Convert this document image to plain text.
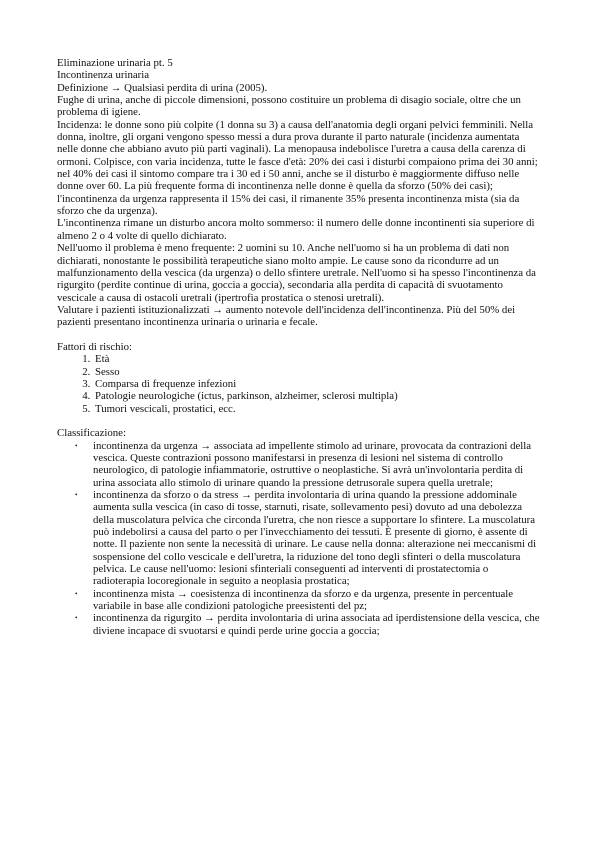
Eliminazione urinaria pt. 5

Incontinenza urinaria

Definizione → Qualsiasi perdita di urina (2005).

Fughe di urina, anche di piccole dimensioni, possono costituire un problema di disagio sociale, oltre che un problema di igiene.

Incidenza: le donne sono più colpite (1 donna su 3) a causa dell'anatomia degli organi pelvici femminili. Nella donna, inoltre, gli organi vengono spesso messi a dura prova durante il parto naturale (incidenza aumentata nelle donne che abbiano avuto più parti vaginali). La menopausa indebolisce l'uretra a causa della carenza di ormoni. Colpisce, con varia incidenza, tutte le fasce d'età: 20% dei casi i disturbi compaiono prima dei 30 anni; nel 40% dei casi il sintomo compare tra i 30 ed i 50 anni, anche se il disturbo è maggiormente diffuso nelle donne over 60. La più frequente forma di incontinenza nelle donne è quella da sforzo (50% dei casi); l'incontinenza da urgenza rappresenta il 15% dei casi, il rimanente 35% presenta incontinenza mista (sia da sforzo che da urgenza).

L'incontinenza rimane un disturbo ancora molto sommerso: il numero delle donne incontinenti sia superiore di almeno 2 o 4 volte di quello dichiarato.

Nell'uomo il problema è meno frequente: 2 uomini su 10. Anche nell'uomo si ha un problema di dati non dichiarati, nonostante le possibilità terapeutiche siano molto ampie. Le cause sono da ricondurre ad un malfunzionamento della vescica (da urgenza) o dello sfintere uretrale. Nell'uomo si ha spesso l'incontinenza da rigurgito (perdite continue di urina, goccia a goccia), secondaria alla perdita di capacità di svuotamento vescicale a causa di ostacoli uretrali (ipertrofia prostatica o stenosi uretrali).

Valutare i pazienti istituzionalizzati → aumento notevole dell'incidenza dell'incontinenza. Più del 50% dei pazienti presentano incontinenza urinaria o urinaria e fecale.

Fattori di rischio:

1. Età
2. Sesso
3. Comparsa di frequenze infezioni
4. Patologie neurologiche (ictus, parkinson, alzheimer, sclerosi multipla)
5. Tumori vescicali, prostatici, ecc.

Classificazione:

• incontinenza da urgenza → associata ad impellente stimolo ad urinare, provocata da contrazioni della vescica. Queste contrazioni possono manifestarsi in presenza di lesioni nel sistema di controllo neurologico, di patologie infiammatorie, ostruttive o neoplastiche. Si avrà un'involontaria perdita di urina associata allo stimolo di urinare quando la pressione detrusorale supera quella uretrale;
• incontinenza da sforzo o da stress → perdita involontaria di urina quando la pressione addominale aumenta sulla vescica (in caso di tosse, starnuti, risate, sollevamento pesi) dovuto ad una debolezza della muscolatura pelvica che circonda l'uretra, che non riesce a supportare lo sfintere. La muscolatura può indebolirsi a causa del parto o per l'invecchiamento dei tessuti. È presente di giorno, è assente di notte. Il paziente non sente la necessità di urinare. Le cause nella donna: alterazione nei meccanismi di sospensione del collo vescicale e dell'uretra, la riduzione del tono degli sfinteri o della muscolatura pelvica. Le cause nell'uomo: lesioni sfinteriali conseguenti ad interventi di prostatectomia o radioterapia locoregionale in seguito a neoplasia prostatica;
• incontinenza mista → coesistenza di incontinenza da sforzo e da urgenza, presente in percentuale variabile in base alle condizioni patologiche preesistenti del pz;
• incontinenza da rigurgito → perdita involontaria di urina associata ad iperdistensione della vescica, che diviene incapace di svuotarsi e quindi perde urine goccia a goccia;
